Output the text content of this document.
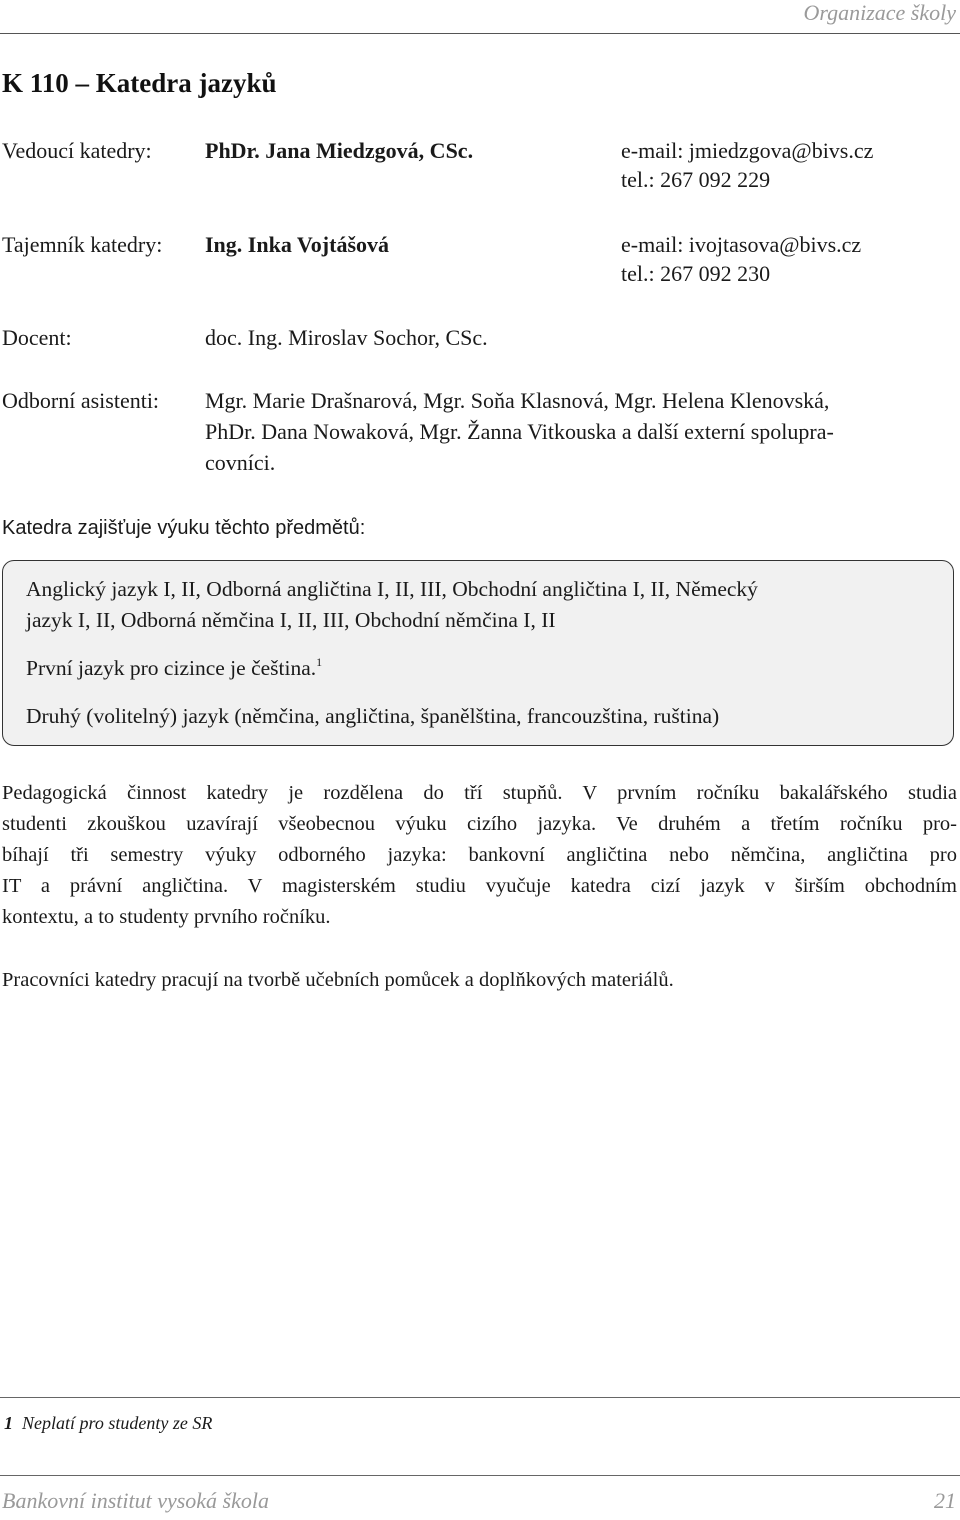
Organizace školy
K 110 – Katedra jazyků
Vedoucí katedry: PhDr. Jana Miedzgová, CSc.	e-mail: jmiedzgova@bivs.cz
tel.: 267 092 229
Tajemník katedry: Ing. Inka Vojtášová	e-mail: ivojtasova@bivs.cz
tel.: 267 092 230
Docent:	doc. Ing. Miroslav Sochor, CSc.
Odborní asistenti: Mgr. Marie Drašnarová, Mgr. Soňa Klasnová, Mgr. Helena Klenovská,
PhDr. Dana Nowaková, Mgr. Žanna Vitkouska a další externí spolupra-
covníci.
Katedra zajišťuje výuku těchto předmětů:
Anglický jazyk I, II, Odborná angličtina I, II, III, Obchodní angličtina I, II, Německý
jazyk I, II, Odborná němčina I, II, III, Obchodní němčina I, II
První jazyk pro cizince je čeština.$^1$
Druhý (volitelný) jazyk (němčina, angličtina, španělština, francouzština, ruština)
Pedagogická činnost katedry je rozdělena do tří stupňů. V prvním ročníku bakalářského studia
studenti zkouškou uzavírají všeobecnou výuku cizího jazyka. Ve druhém a třetím ročníku pro-
bíhají tři semestry výuky odborného jazyka: bankovní angličtina nebo němčina, angličtina pro
IT a právní angličtina. V magisterském studiu vyučuje katedra cizí jazyk v širším obchodním
kontextu, a to studenty prvního ročníku.
Pracovníci katedry pracují na tvorbě učebních pomůcek a doplňkových materiálů.
1 Neplatí pro studenty ze SR
Bankovní institut vysoká škola	21
